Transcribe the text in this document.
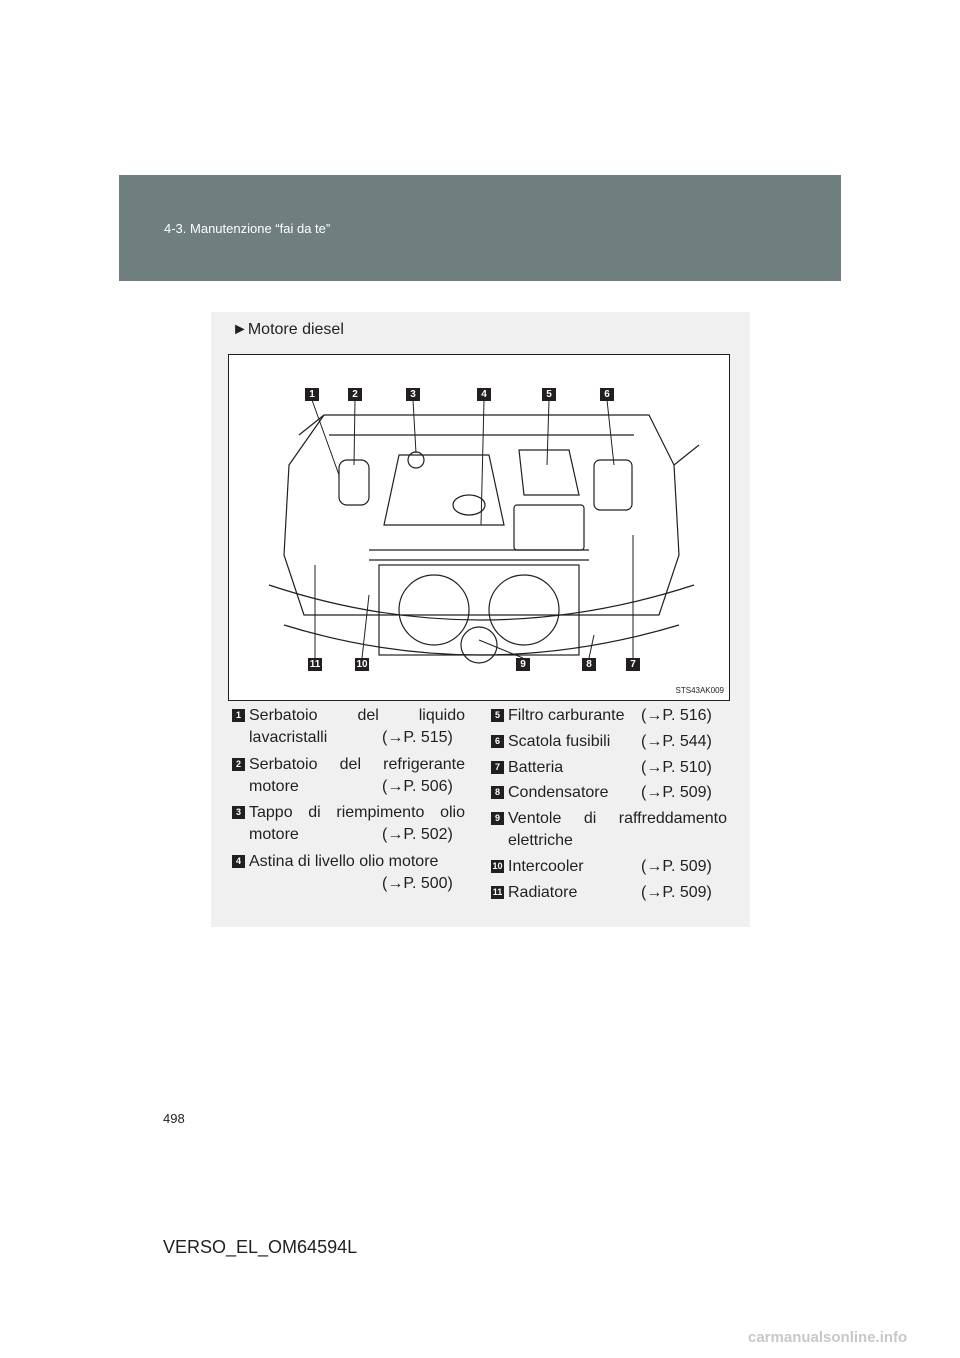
4-3. Manutenzione “fai da te”
►Motore diesel
1	2	3	4	5	6
11	10	9	8	7
STS43AK009
1 Serbatoio del liquido
lavacristalli	(→P. 515)
2 Serbatoio del refrigerante
motore	(→P. 506)
3 Tappo di riempimento olio
motore	(→P. 502)
4 Astina di livello olio motore
(→P. 500)
5 Filtro carburante (→P. 516)
6 Scatola fusibili (→P. 544)
7 Batteria	(→P. 510)
8 Condensatore (→P. 509)
9 Ventole di raffreddamento
elettriche
10 Intercooler	(→P. 509)
11 Radiatore	(→P. 509)
498
VERSO_EL_OM64594L
carmanualsonline.info
